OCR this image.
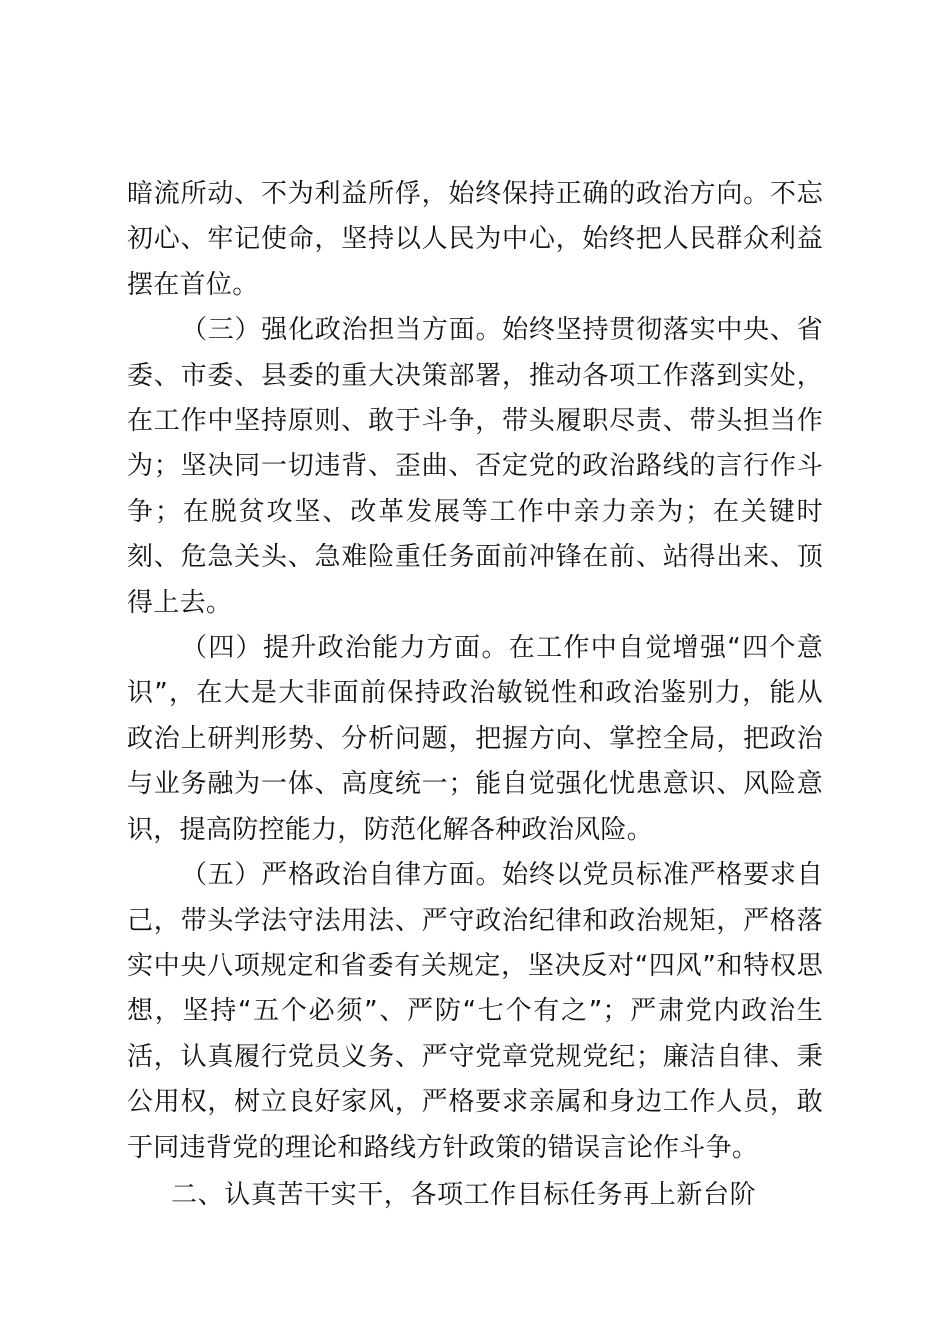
暗流所动、不为利益所俘，始终保持正确的政治方向。不忘初心、牢记使命，坚持以人民为中心，始终把人民群众利益摆在首位。

（三）强化政治担当方面。始终坚持贯彻落实中央、省委、市委、县委的重大决策部署，推动各项工作落到实处，在工作中坚持原则、敢于斗争，带头履职尽责、带头担当作为；坚决同一切违背、歪曲、否定党的政治路线的言行作斗争；在脱贫攻坚、改革发展等工作中亲力亲为；在关键时刻、危急关头、急难险重任务面前冲锋在前、站得出来、顶得上去。

（四）提升政治能力方面。在工作中自觉增强“四个意识”，在大是大非面前保持政治敏锐性和政治鉴别力，能从政治上研判形势、分析问题，把握方向、掌控全局，把政治与业务融为一体、高度统一；能自觉强化忧患意识、风险意识，提高防控能力，防范化解各种政治风险。

（五）严格政治自律方面。始终以党员标准严格要求自己，带头学法守法用法、严守政治纪律和政治规矩，严格落实中央八项规定和省委有关规定，坚决反对“四风”和特权思想，坚持“五个必须”、严防“七个有之”；严肃党内政治生活，认真履行党员义务、严守党章党规党纪；廉洁自律、秉公用权，树立良好家风，严格要求亲属和身边工作人员，敢于同违背党的理论和路线方针政策的错误言论作斗争。

二、认真苦干实干，各项工作目标任务再上新台阶
